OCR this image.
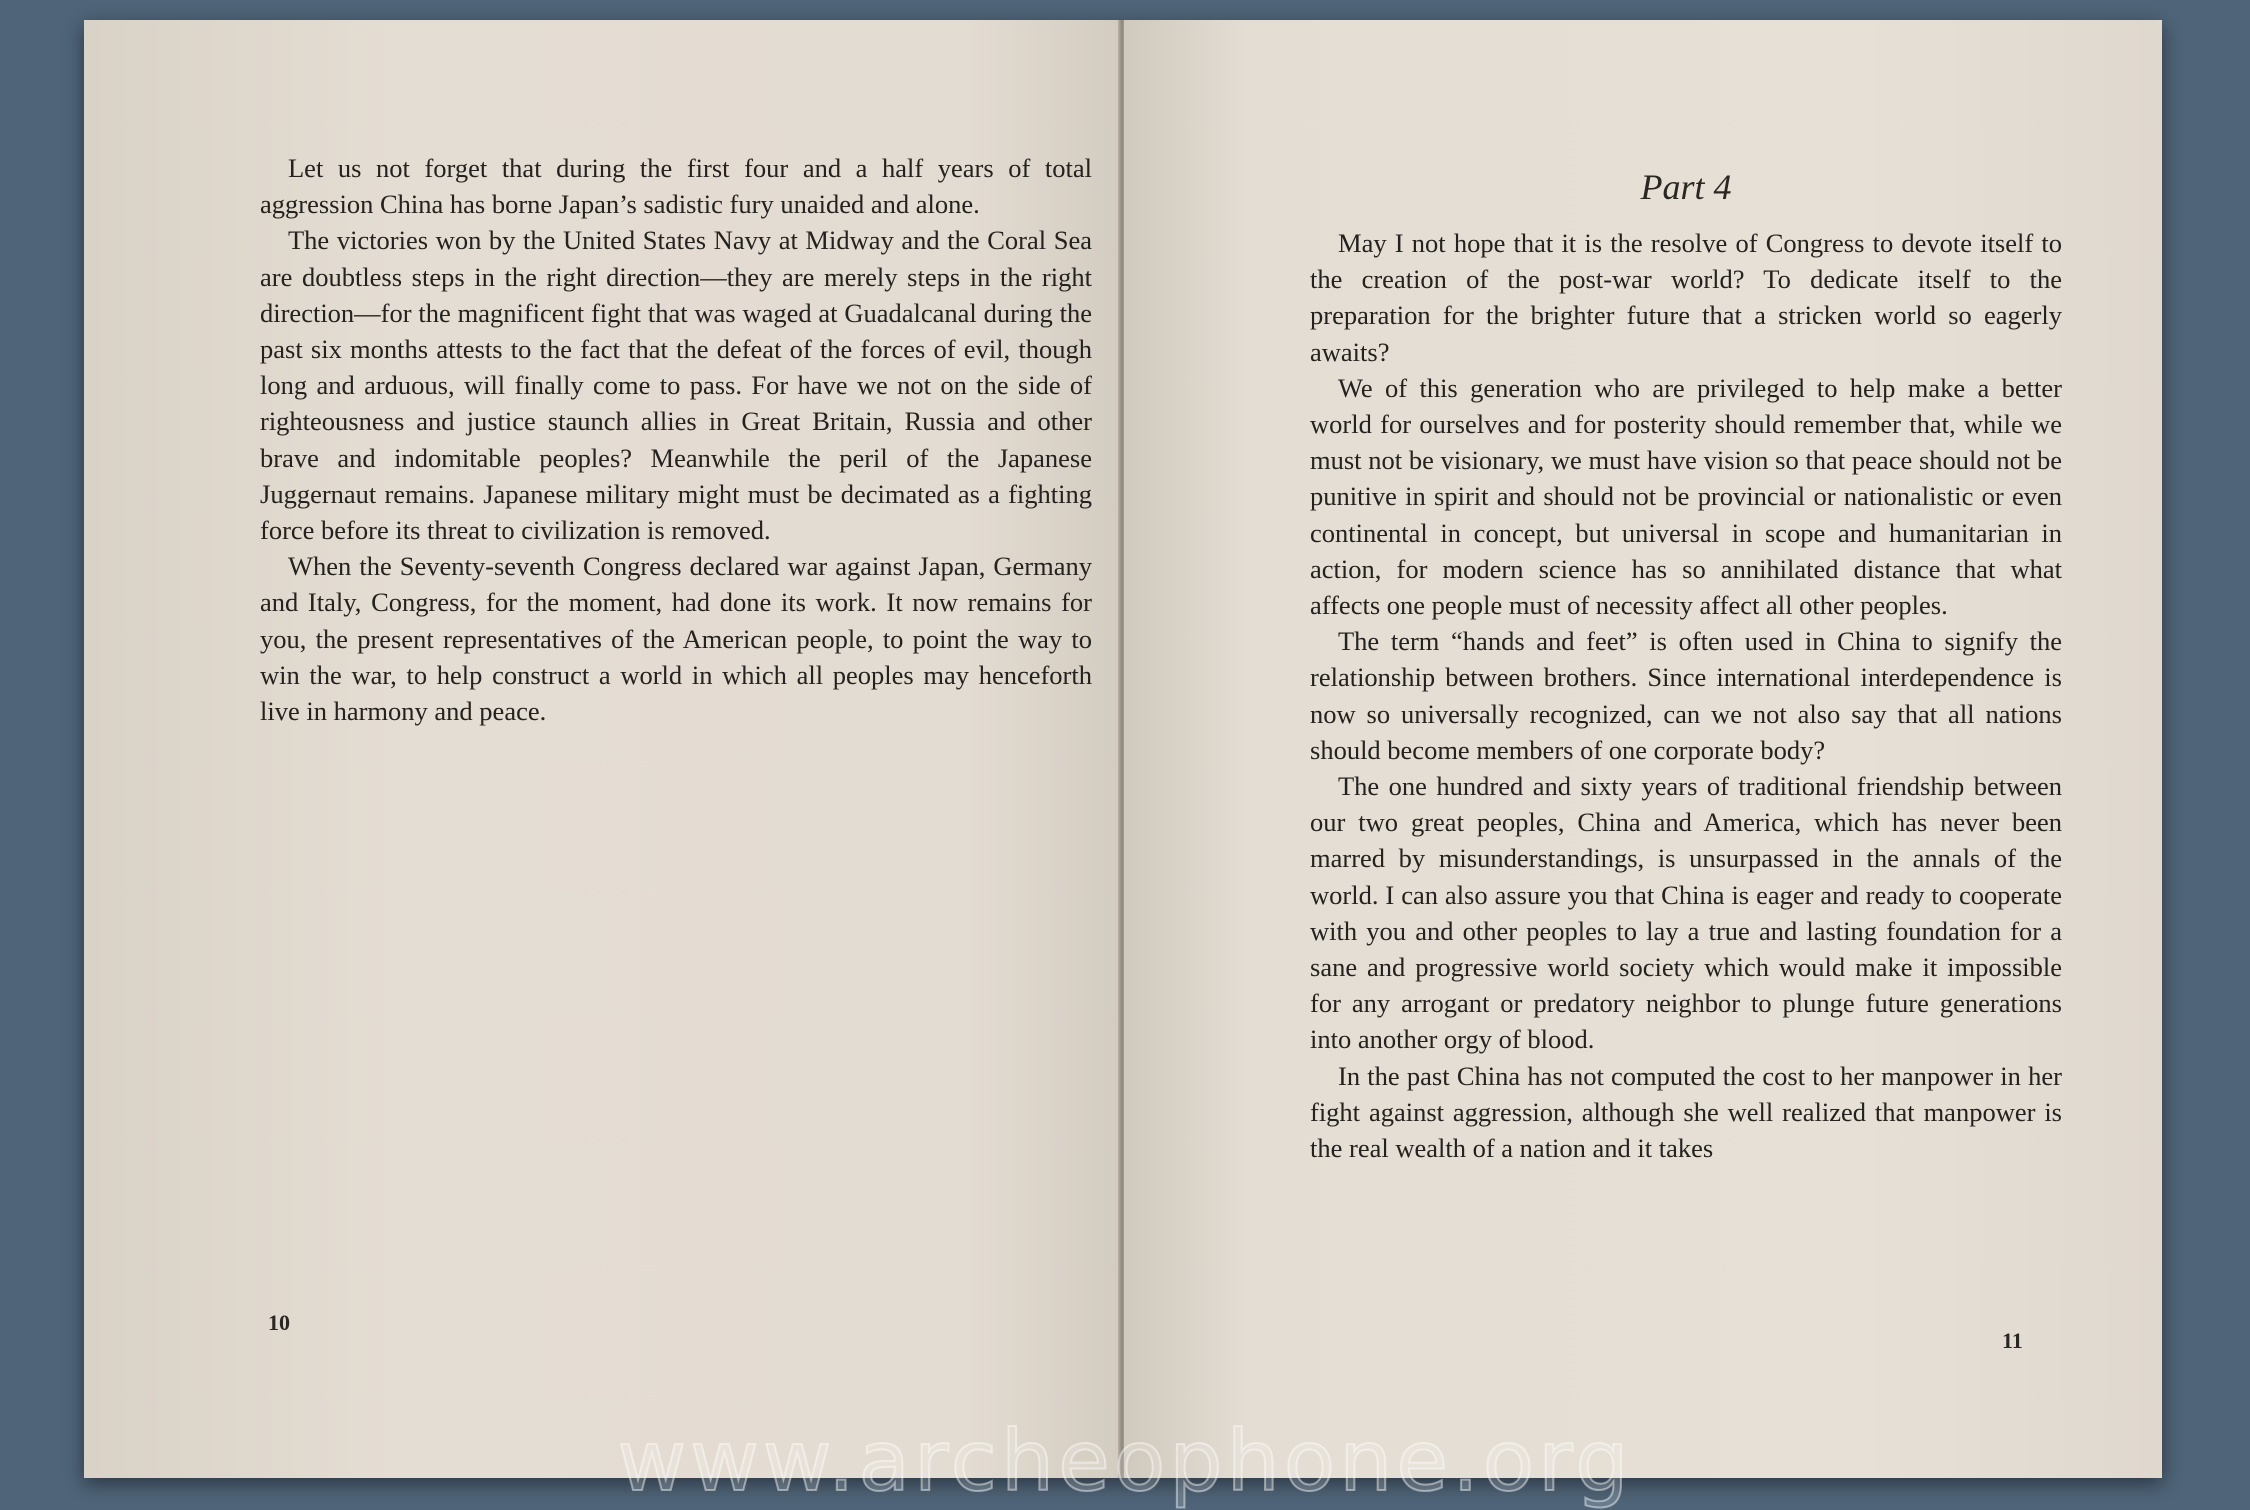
Let us not forget that during the first four and a half years of total aggression China has borne Japan’s sadistic fury unaided and alone.

The victories won by the United States Navy at Midway and the Coral Sea are doubtless steps in the right direction—they are merely steps in the right direction—for the magnificent fight that was waged at Guadalcanal during the past six months attests to the fact that the defeat of the forces of evil, though long and arduous, will finally come to pass. For have we not on the side of righteousness and justice staunch allies in Great Britain, Russia and other brave and indomitable peoples? Meanwhile the peril of the Japanese Juggernaut remains. Japanese military might must be decimated as a fighting force before its threat to civilization is removed.

When the Seventy-seventh Congress declared war against Japan, Germany and Italy, Congress, for the moment, had done its work. It now remains for you, the present representatives of the American people, to point the way to win the war, to help construct a world in which all peoples may henceforth live in harmony and peace.

10
Part 4

May I not hope that it is the resolve of Congress to devote itself to the creation of the post-war world? To dedicate itself to the preparation for the brighter future that a stricken world so eagerly awaits?

We of this generation who are privileged to help make a better world for ourselves and for posterity should remember that, while we must not be visionary, we must have vision so that peace should not be punitive in spirit and should not be provincial or nationalistic or even continental in concept, but universal in scope and humanitarian in action, for modern science has so annihilated distance that what affects one people must of necessity affect all other peoples.

The term “hands and feet” is often used in China to signify the relationship between brothers. Since international interdependence is now so universally recognized, can we not also say that all nations should become members of one corporate body?

The one hundred and sixty years of traditional friendship between our two great peoples, China and America, which has never been marred by misunderstandings, is unsurpassed in the annals of the world. I can also assure you that China is eager and ready to cooperate with you and other peoples to lay a true and lasting foundation for a sane and progressive world society which would make it impossible for any arrogant or predatory neighbor to plunge future generations into another orgy of blood.

In the past China has not computed the cost to her manpower in her fight against aggression, although she well realized that manpower is the real wealth of a nation and it takes

11
www.archeophone.org
